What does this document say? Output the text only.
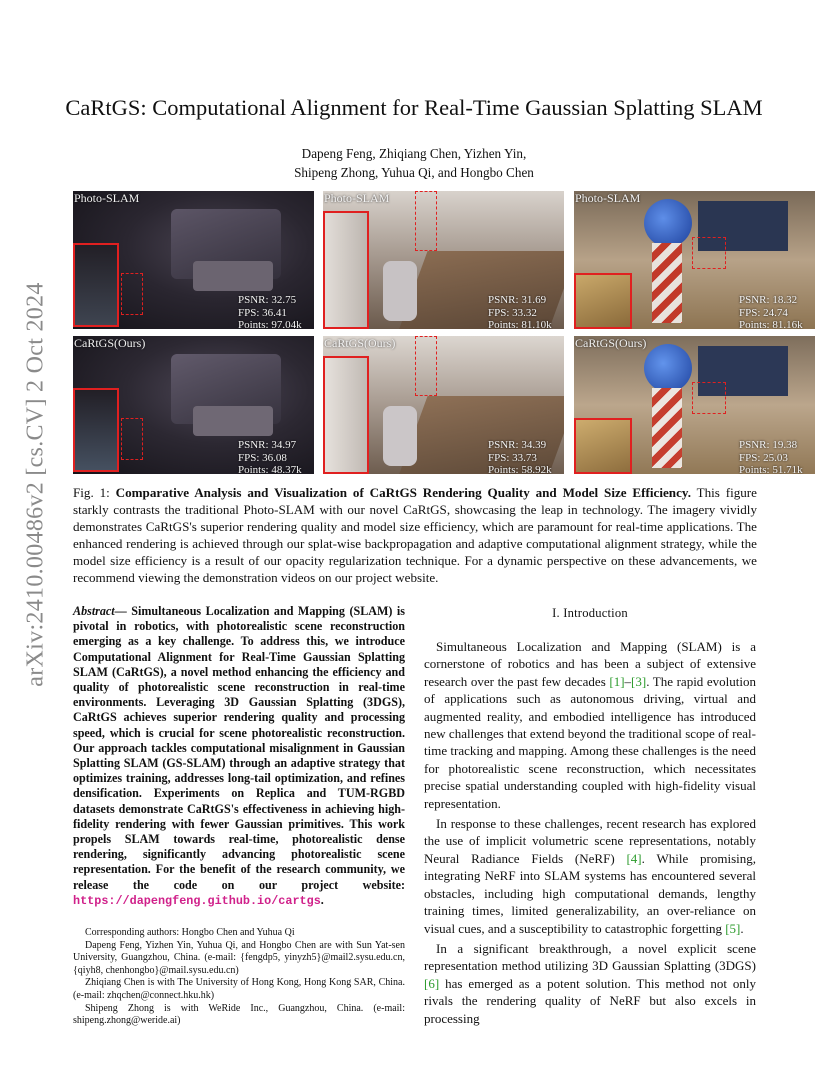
arXiv:2410.00486v2 [cs.CV] 2 Oct 2024
CaRtGS: Computational Alignment for Real-Time Gaussian Splatting SLAM
Dapeng Feng, Zhiqiang Chen, Yizhen Yin,
Shipeng Zhong, Yuhua Qi, and Hongbo Chen
Photo-SLAM
PSNR: 32.75
FPS: 36.41
Points: 97.04k
Photo-SLAM
PSNR: 31.69
FPS: 33.32
Points: 81.10k
Photo-SLAM
PSNR: 18.32
FPS: 24.74
Points: 81.16k
CaRtGS(Ours)
PSNR: 34.97
FPS: 36.08
Points: 48.37k
CaRtGS(Ours)
PSNR: 34.39
FPS: 33.73
Points: 58.92k
CaRtGS(Ours)
PSNR: 19.38
FPS: 25.03
Points: 51.71k
Fig. 1: Comparative Analysis and Visualization of CaRtGS Rendering Quality and Model Size Efficiency. This figure starkly contrasts the traditional Photo-SLAM with our novel CaRtGS, showcasing the leap in technology. The imagery vividly demonstrates CaRtGS's superior rendering quality and model size efficiency, which are paramount for real-time applications. The enhanced rendering is achieved through our splat-wise backpropagation and adaptive computational alignment strategy, while the model size efficiency is a result of our opacity regularization technique. For a dynamic perspective on these advancements, we recommend viewing the demonstration videos on our project website.
Abstract— Simultaneous Localization and Mapping (SLAM) is pivotal in robotics, with photorealistic scene reconstruction emerging as a key challenge. To address this, we introduce Computational Alignment for Real-Time Gaussian Splatting SLAM (CaRtGS), a novel method enhancing the efficiency and quality of photorealistic scene reconstruction in real-time environments. Leveraging 3D Gaussian Splatting (3DGS), CaRtGS achieves superior rendering quality and processing speed, which is crucial for scene photorealistic reconstruction. Our approach tackles computational misalignment in Gaussian Splatting SLAM (GS-SLAM) through an adaptive strategy that optimizes training, addresses long-tail optimization, and refines densification. Experiments on Replica and TUM-RGBD datasets demonstrate CaRtGS's effectiveness in achieving high-fidelity rendering with fewer Gaussian primitives. This work propels SLAM towards real-time, photorealistic dense rendering, significantly advancing photorealistic scene representation. For the benefit of the research community, we release the code on our project website: https://dapengfeng.github.io/cartgs.

Corresponding authors: Hongbo Chen and Yuhua Qi

Dapeng Feng, Yizhen Yin, Yuhua Qi, and Hongbo Chen are with Sun Yat-sen University, Guangzhou, China. (e-mail: {fengdp5, yinyzh5}@mail2.sysu.edu.cn, {qiyh8, chenhongbo}@mail.sysu.edu.cn)

Zhiqiang Chen is with The University of Hong Kong, Hong Kong SAR, China. (e-mail: zhqchen@connect.hku.hk)

Shipeng Zhong is with WeRide Inc., Guangzhou, China. (e-mail: shipeng.zhong@weride.ai)

I. Introduction

Simultaneous Localization and Mapping (SLAM) is a cornerstone of robotics and has been a subject of extensive research over the past few decades [1]–[3]. The rapid evolution of applications such as autonomous driving, virtual and augmented reality, and embodied intelligence has introduced new challenges that extend beyond the traditional scope of real-time tracking and mapping. Among these challenges is the need for photorealistic scene reconstruction, which necessitates precise spatial understanding coupled with high-fidelity visual representation.

In response to these challenges, recent research has explored the use of implicit volumetric scene representations, notably Neural Radiance Fields (NeRF) [4]. While promising, integrating NeRF into SLAM systems has encountered several obstacles, including high computational demands, lengthy training times, limited generalizability, an over-reliance on visual cues, and a susceptibility to catastrophic forgetting [5].

In a significant breakthrough, a novel explicit scene representation method utilizing 3D Gaussian Splatting (3DGS) [6] has emerged as a potent solution. This method not only rivals the rendering quality of NeRF but also excels in processing
